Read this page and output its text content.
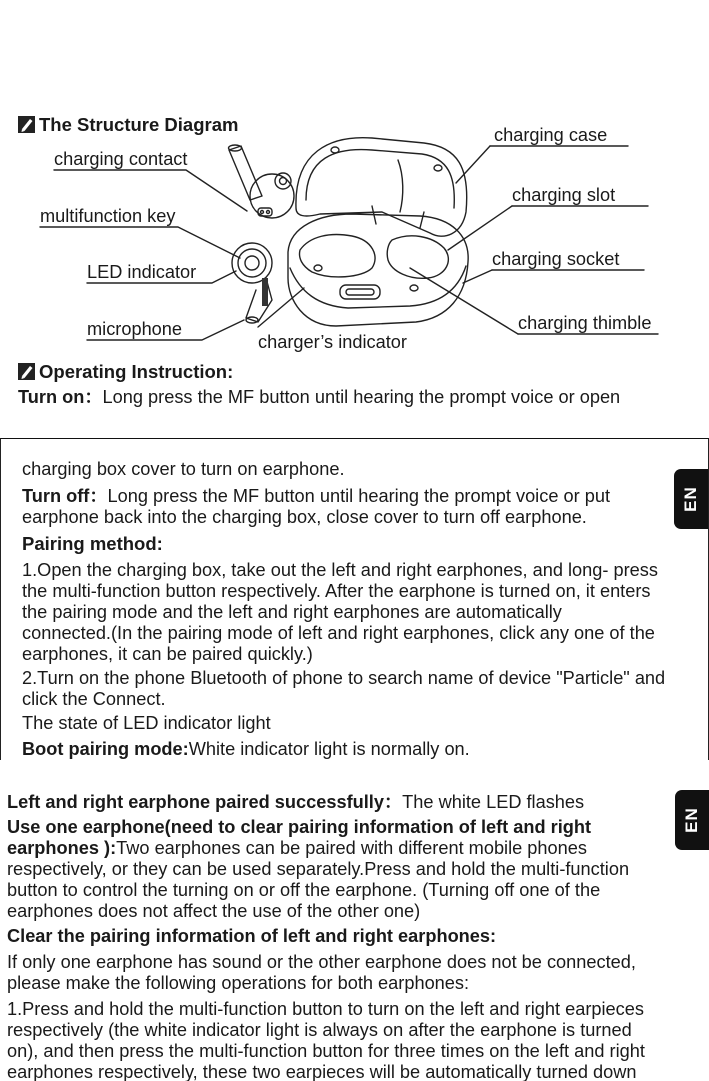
The Structure Diagram
charging contact
multifunction key
LED indicator
microphone
charger’s indicator
charging case
charging slot
charging socket
charging thimble
Operating Instruction:
Turn on：Long press the MF button until hearing the prompt voice or open
charging box cover to turn on earphone.
Turn off：Long press the MF button until hearing the prompt voice or put
earphone back into the charging box, close cover to turn off earphone.
Pairing method:
1.Open the charging box, take out the left and right earphones, and long- press
the multi-function button respectively. After the earphone is turned on, it enters
the pairing mode and the left and right earphones are automatically
connected.(In the pairing mode of left and right earphones, click any one of the
earphones, it can be paired quickly.)
2.Turn on the phone Bluetooth of phone to search name of device "Particle" and
click the Connect.
The state of LED indicator light
Boot pairing mode:White indicator light is normally on.
EN
Left and right earphone paired successfully：The white LED flashes
Use one earphone(need to clear pairing information of left and right
earphones ):Two earphones can be paired with different mobile phones
respectively, or they can be used separately.Press and hold the multi-function
button to control the turning on or off the earphone. (Turning off one of the
earphones does not affect the use of the other one)
Clear the pairing information of left and right earphones:
If only one earphone has sound or the other earphone does not be connected,
please make the following operations for both earphones:
1.Press and hold the multi-function button to turn on the left and right earpieces
respectively (the white indicator light is always on after the earphone is turned
on), and then press the multi-function button for three times on the left and right
earphones respectively, these two earpieces will be automatically turned down
EN
